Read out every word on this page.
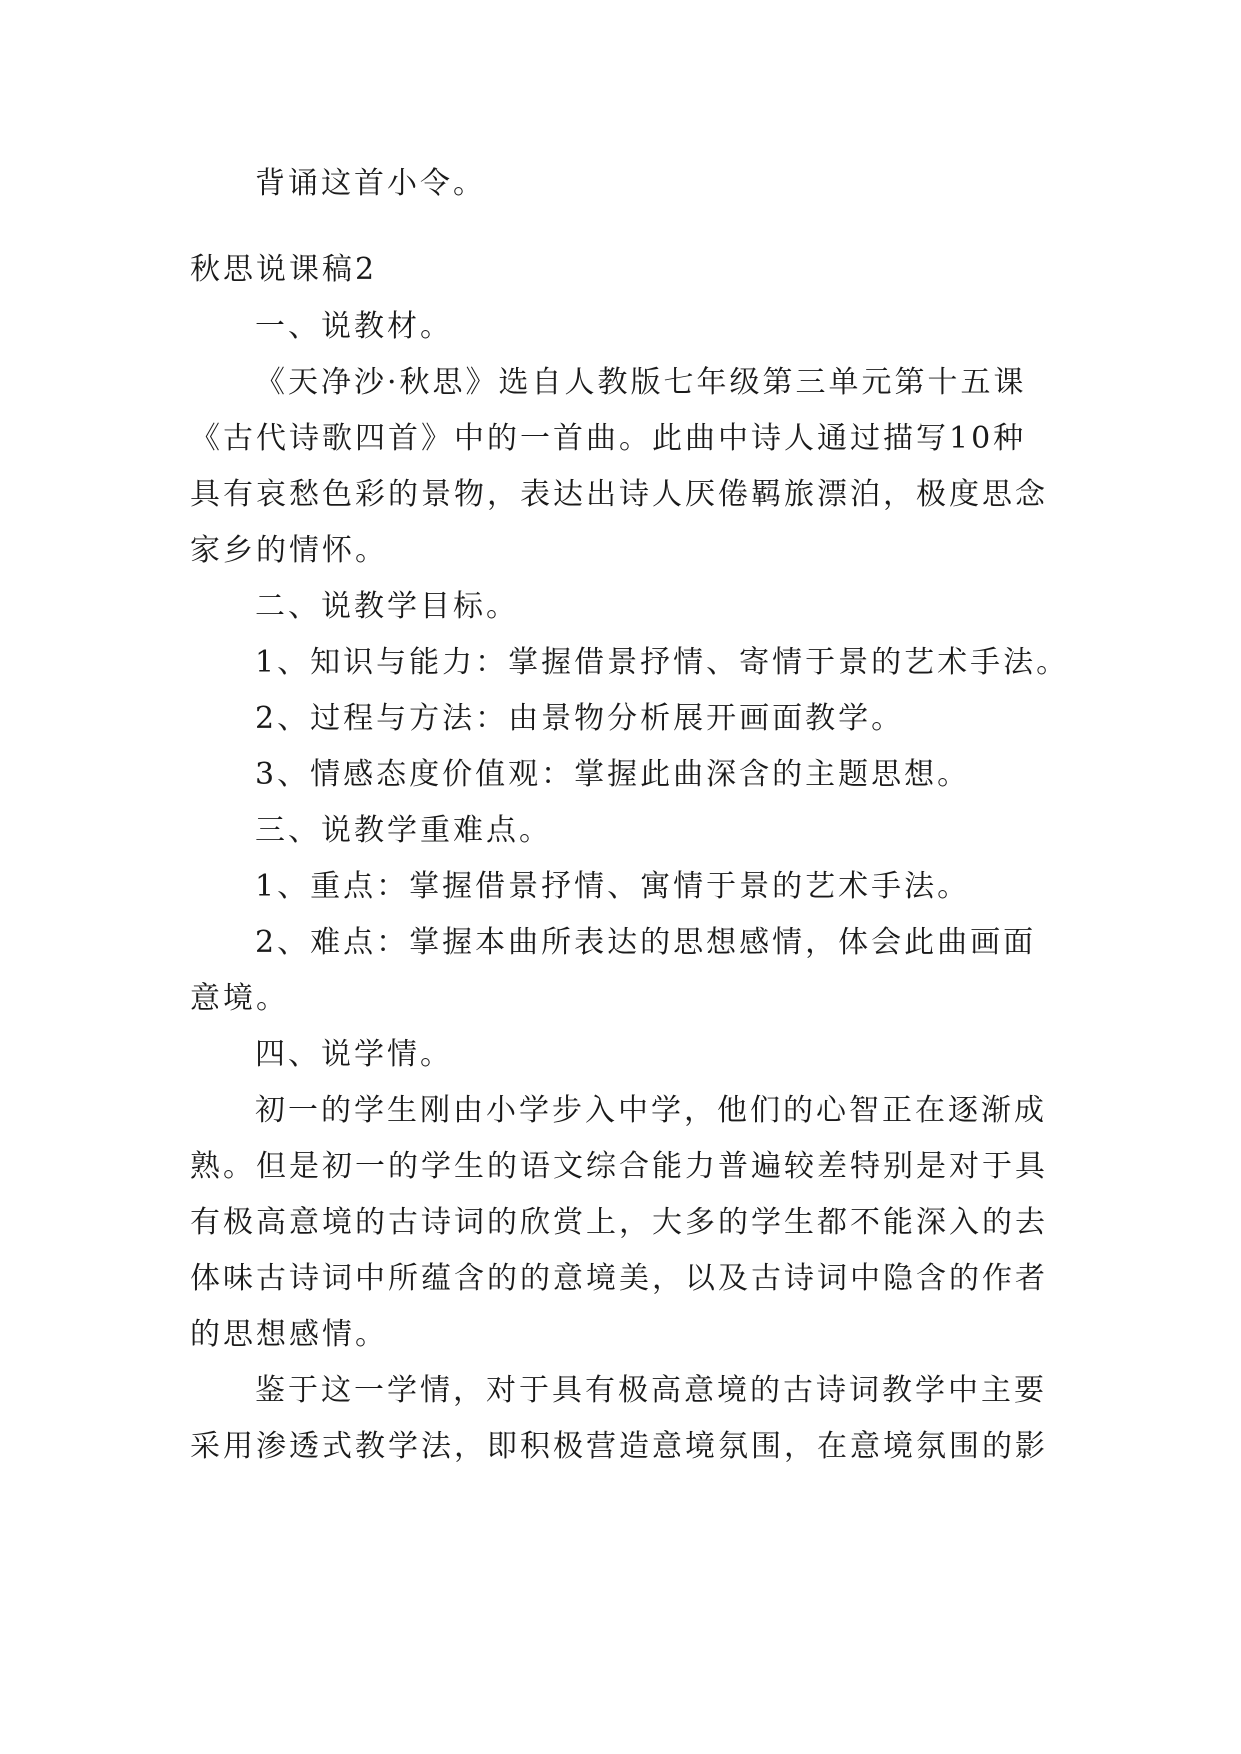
背诵这首小令。
秋思说课稿2
一、说教材。
《天净沙·秋思》选自人教版七年级第三单元第十五课
《古代诗歌四首》中的一首曲。此曲中诗人通过描写10种
具有哀愁色彩的景物，表达出诗人厌倦羁旅漂泊，极度思念
家乡的情怀。
二、说教学目标。
1、知识与能力：掌握借景抒情、寄情于景的艺术手法。
2、过程与方法：由景物分析展开画面教学。
3、情感态度价值观：掌握此曲深含的主题思想。
三、说教学重难点。
1、重点：掌握借景抒情、寓情于景的艺术手法。
2、难点：掌握本曲所表达的思想感情，体会此曲画面
意境。
四、说学情。
初一的学生刚由小学步入中学，他们的心智正在逐渐成
熟。但是初一的学生的语文综合能力普遍较差特别是对于具
有极高意境的古诗词的欣赏上，大多的学生都不能深入的去
体味古诗词中所蕴含的的意境美，以及古诗词中隐含的作者
的思想感情。
鉴于这一学情，对于具有极高意境的古诗词教学中主要
采用渗透式教学法，即积极营造意境氛围，在意境氛围的影
